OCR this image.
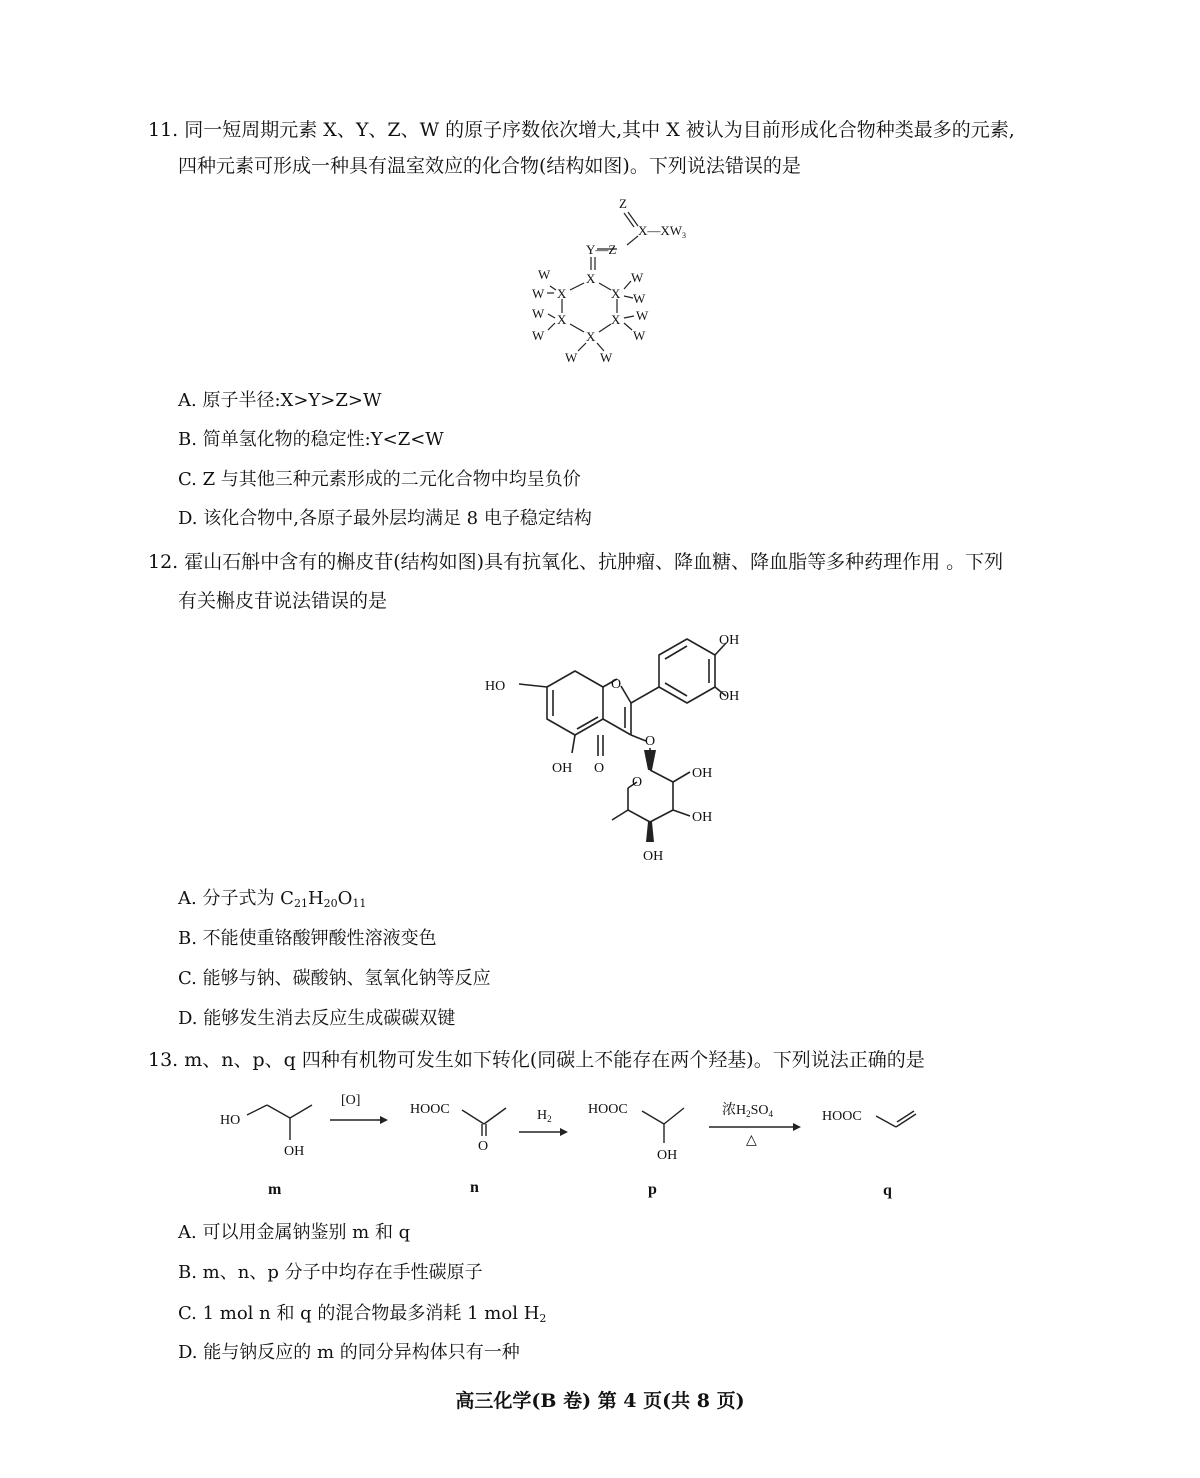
11. 同一短周期元素 X、Y、Z、W 的原子序数依次增大,其中 X 被认为目前形成化合物种类最多的元素,
四种元素可形成一种具有温室效应的化合物(结构如图)。下列说法错误的是
Z
$X—XW_3$
Y—Z
X
X	X
X	X
X
W
W
W
W
W
W
W
W
W W
A. 原子半径:X>Y>Z>W
B. 简单氢化物的稳定性:Y<Z<W
C. Z 与其他三种元素形成的二元化合物中均呈负价
D. 该化合物中,各原子最外层均满足 8 电子稳定结构
12. 霍山石斛中含有的槲皮苷(结构如图)具有抗氧化、抗肿瘤、降血糖、降血脂等多种药理作用 。下列
有关槲皮苷说法错误的是
OH
OH
HO	O
OH O
O
O
OH
OH
OH
A. 分子式为 $C_{21}H_{20}O_{11}$
B. 不能使重铬酸钾酸性溶液变色
C. 能够与钠、碳酸钠、氢氧化钠等反应
D. 能够发生消去反应生成碳碳双键
13. m、n、p、q 四种有机物可发生如下转化(同碳上不能存在两个羟基)。下列说法正确的是
HO
OH
[O]
HOOC
O
$H_2$
HOOC
OH
浓$H_2SO_4$
△
HOOC
m	n	p	q
A. 可以用金属钠鉴别 m 和 q
B. m、n、p 分子中均存在手性碳原子
C. 1 mol n 和 q 的混合物最多消耗 1 mol $H_2$
D. 能与钠反应的 m 的同分异构体只有一种
高三化学(B 卷) 第 4 页(共 8 页)
